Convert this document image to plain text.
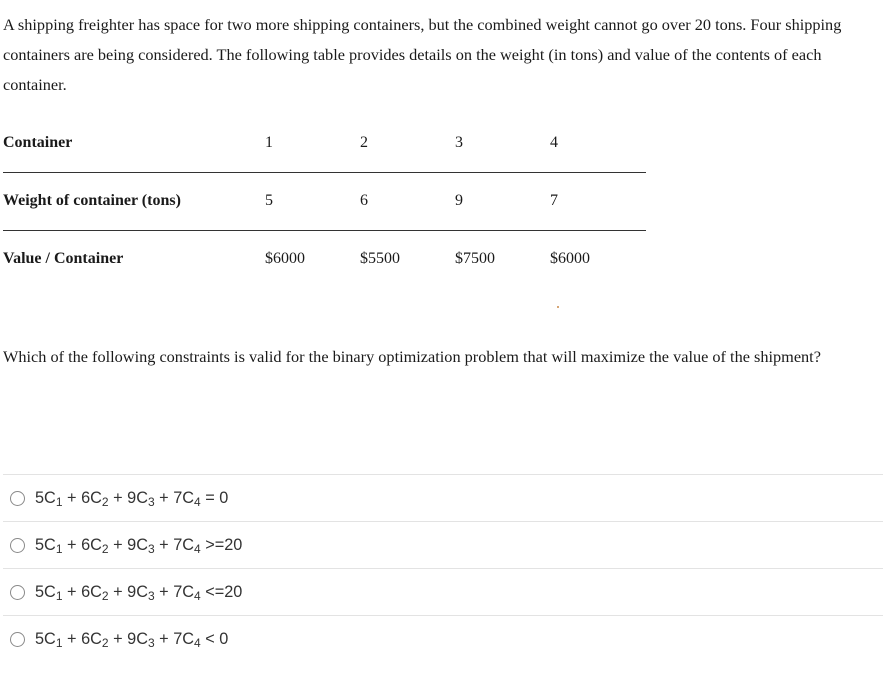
A shipping freighter has space for two more shipping containers, but the combined weight cannot go over 20 tons. Four shipping containers are being considered. The following table provides details on the weight (in tons) and value of the contents of each container.

Container	1	2	3	4
Weight of container (tons)	5	6	9	7
Value / Container	$6000	$5500	$7500	$6000

Which of the following constraints is valid for the binary optimization problem that will maximize the value of the shipment?

$5C_1 + 6C_2 + 9C_3 + 7C_4 = 0$
$5C_1 + 6C_2 + 9C_3 + 7C_4 >=20$
$5C_1 + 6C_2 + 9C_3 + 7C_4 <=20$
$5C_1 + 6C_2 + 9C_3 + 7C_4 < 0$
